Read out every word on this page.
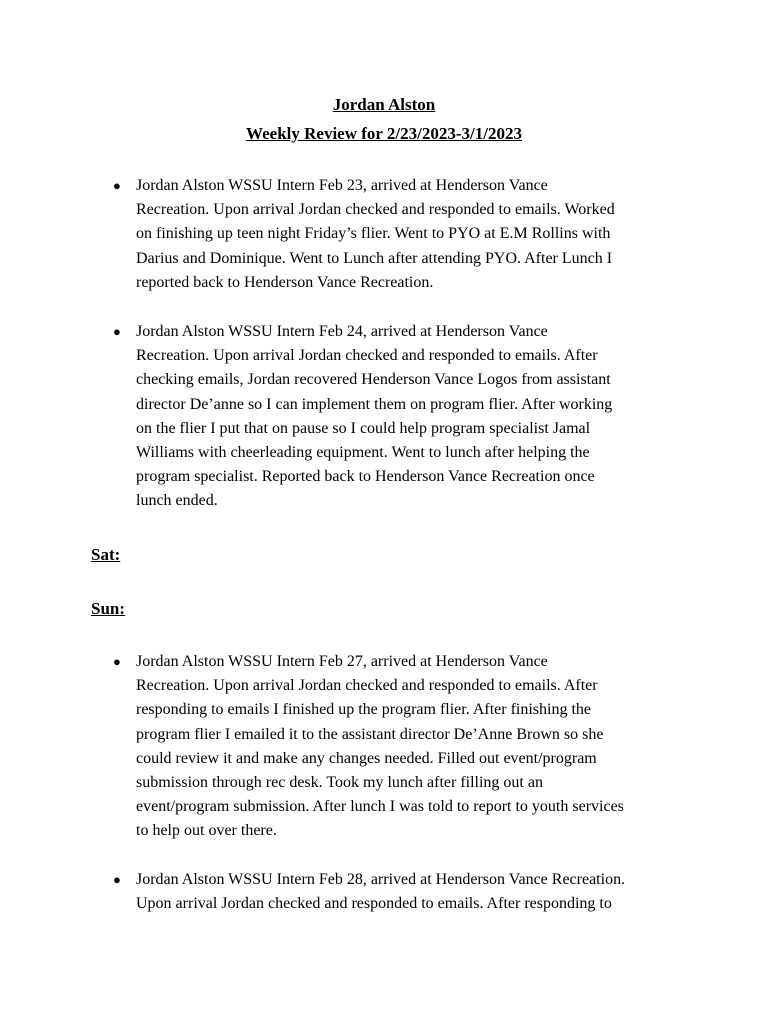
Jordan Alston
Weekly Review for 2/23/2023-3/1/2023
● Jordan Alston WSSU Intern Feb 23, arrived at Henderson Vance
Recreation. Upon arrival Jordan checked and responded to emails. Worked
on finishing up teen night Friday’s flier. Went to PYO at E.M Rollins with
Darius and Dominique. Went to Lunch after attending PYO. After Lunch I
reported back to Henderson Vance Recreation.
● Jordan Alston WSSU Intern Feb 24, arrived at Henderson Vance
Recreation. Upon arrival Jordan checked and responded to emails. After
checking emails, Jordan recovered Henderson Vance Logos from assistant
director De’anne so I can implement them on program flier. After working
on the flier I put that on pause so I could help program specialist Jamal
Williams with cheerleading equipment. Went to lunch after helping the
program specialist. Reported back to Henderson Vance Recreation once
lunch ended.
Sat:
Sun:
● Jordan Alston WSSU Intern Feb 27, arrived at Henderson Vance
Recreation. Upon arrival Jordan checked and responded to emails. After
responding to emails I finished up the program flier. After finishing the
program flier I emailed it to the assistant director De’Anne Brown so she
could review it and make any changes needed. Filled out event/program
submission through rec desk. Took my lunch after filling out an
event/program submission. After lunch I was told to report to youth services
to help out over there.
● Jordan Alston WSSU Intern Feb 28, arrived at Henderson Vance Recreation.
Upon arrival Jordan checked and responded to emails. After responding to
